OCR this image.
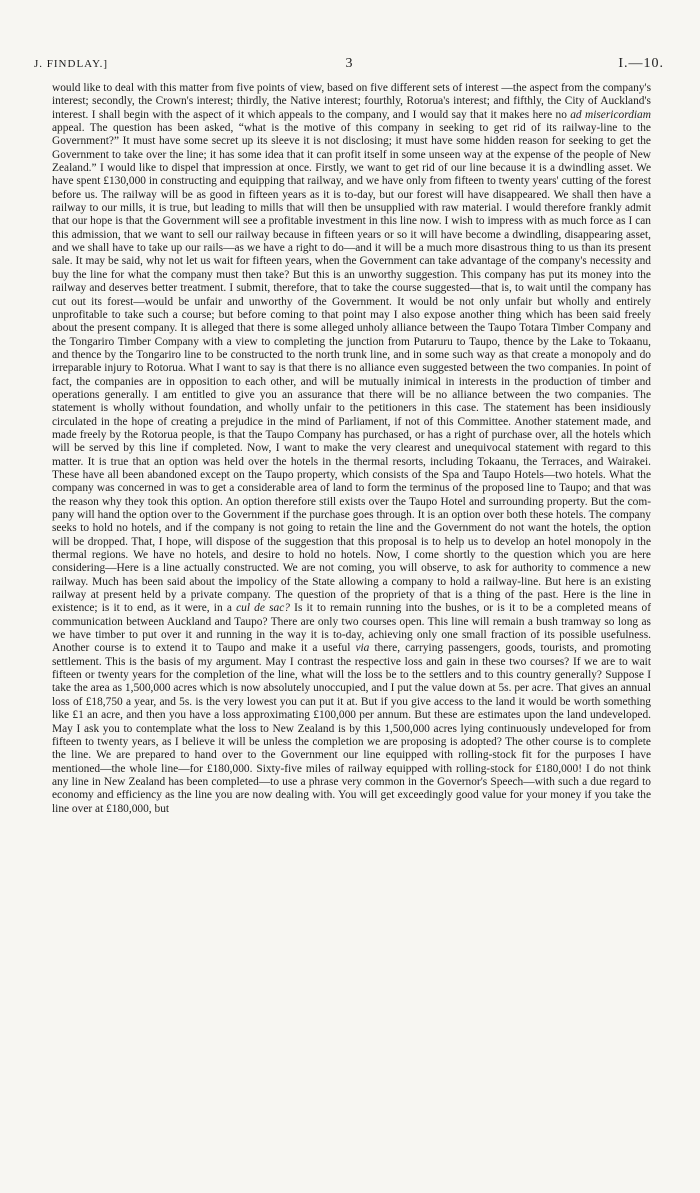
J. FINDLAY.]	3	I.—10.

would like to deal with this matter from five points of view, based on five different sets of interest —the aspect from the company's interest; secondly, the Crown's interest; thirdly, the Native interest; fourthly, Rotorua's interest; and fifthly, the City of Auckland's interest. I shall begin with the aspect of it which appeals to the company, and I would say that it makes here no ad misericordiam appeal. The question has been asked, “what is the motive of this company in seeking to get rid of its railway-line to the Government?” It must have some secret up its sleeve it is not disclosing; it must have some hidden reason for seeking to get the Government to take over the line; it has some idea that it can profit itself in some unseen way at the expense of the people of New Zealand.” I would like to dispel that impression at once. Firstly, we want to get rid of our line because it is a dwindling asset. We have spent £130,000 in constructing and equipping that railway, and we have only from fifteen to twenty years' cutting of the forest before us. The railway will be as good in fifteen years as it is to-day, but our forest will have disappeared. We shall then have a railway to our mills, it is true, but leading to mills that will then be unsupplied with raw material. I would therefore frankly admit that our hope is that the Government will see a profitable investment in this line now. I wish to impress with as much force as I can this admission, that we want to sell our railway because in fifteen years or so it will have become a dwindling, disappearing asset, and we shall have to take up our rails—as we have a right to do—and it will be a much more disastrous thing to us than its present sale. It may be said, why not let us wait for fifteen years, when the Government can take advantage of the company's necessity and buy the line for what the company must then take? But this is an unworthy suggestion. This company has put its money into the railway and deserves better treatment. I submit, therefore, that to take the course suggested—that is, to wait until the company has cut out its forest—would be unfair and unworthy of the Government. It would be not only unfair but wholly and entirely unprofitable to take such a course; but before coming to that point may I also expose another thing which has been said freely about the present company. It is alleged that there is some alleged unholy alliance between the Taupo Totara Timber Company and the Tongariro Timber Company with a view to completing the junction from Putaruru to Taupo, thence by the Lake to Tokaanu, and thence by the Tongariro line to be constructed to the north trunk line, and in some such way as that create a monopoly and do irreparable injury to Rotorua. What I want to say is that there is no alliance even suggested between the two companies. In point of fact, the companies are in opposition to each other, and will be mutually inimical in interests in the production of timber and operations generally. I am entitled to give you an assurance that there will be no alliance between the two companies. The statement is wholly without foundation, and wholly unfair to the petitioners in this case. The statement has been insidiously circulated in the hope of creating a prejudice in the mind of Parliament, if not of this Committee. Another statement made, and made freely by the Rotorua people, is that the Taupo Company has purchased, or has a right of purchase over, all the hotels which will be served by this line if completed. Now, I want to make the very clearest and unequivocal statement with regard to this matter. It is true that an option was held over the hotels in the thermal resorts, including Tokaanu, the Terraces, and Wairakei. These have all been abandoned except on the Taupo property, which consists of the Spa and Taupo Hotels—two hotels. What the company was concerned in was to get a considerable area of land to form the terminus of the proposed line to Taupo; and that was the reason why they took this option. An option therefore still exists over the Taupo Hotel and surrounding property. But the company will hand the option over to the Government if the purchase goes through. It is an option over both these hotels. The company seeks to hold no hotels, and if the company is not going to retain the line and the Government do not want the hotels, the option will be dropped. That, I hope, will dispose of the suggestion that this proposal is to help us to develop an hotel monopoly in the thermal regions. We have no hotels, and desire to hold no hotels. Now, I come shortly to the question which you are here considering—Here is a line actually constructed. We are not coming, you will observe, to ask for authority to commence a new railway. Much has been said about the impolicy of the State allowing a company to hold a railway-line. But here is an existing railway at present held by a private company. The question of the propriety of that is a thing of the past. Here is the line in existence; is it to end, as it were, in a cul de sac? Is it to remain running into the bushes, or is it to be a completed means of communication between Auckland and Taupo? There are only two courses open. This line will remain a bush tramway so long as we have timber to put over it and running in the way it is to-day, achieving only one small fraction of its possible usefulness. Another course is to extend it to Taupo and make it a useful via there, carrying passengers, goods, tourists, and promoting settlement. This is the basis of my argument. May I contrast the respective loss and gain in these two courses? If we are to wait fifteen or twenty years for the completion of the line, what will the loss be to the settlers and to this country generally? Suppose I take the area as 1,500,000 acres which is now absolutely unoccupied, and I put the value down at 5s. per acre. That gives an annual loss of £18,750 a year, and 5s. is the very lowest you can put it at. But if you give access to the land it would be worth something like £1 an acre, and then you have a loss approximating £100,000 per annum. But these are estimates upon the land undeveloped. May I ask you to contemplate what the loss to New Zealand is by this 1,500,000 acres lying continuously undeveloped for from fifteen to twenty years, as I believe it will be unless the completion we are proposing is adopted? The other course is to complete the line. We are prepared to hand over to the Government our line equipped with rolling-stock fit for the purposes I have mentioned—the whole line—for £180,000. Sixty-five miles of railway equipped with rolling-stock for £180,000! I do not think any line in New Zealand has been completed—to use a phrase very common in the Governor's Speech—with such a due regard to economy and efficiency as the line you are now dealing with. You will get exceedingly good value for your money if you take the line over at £180,000, but
